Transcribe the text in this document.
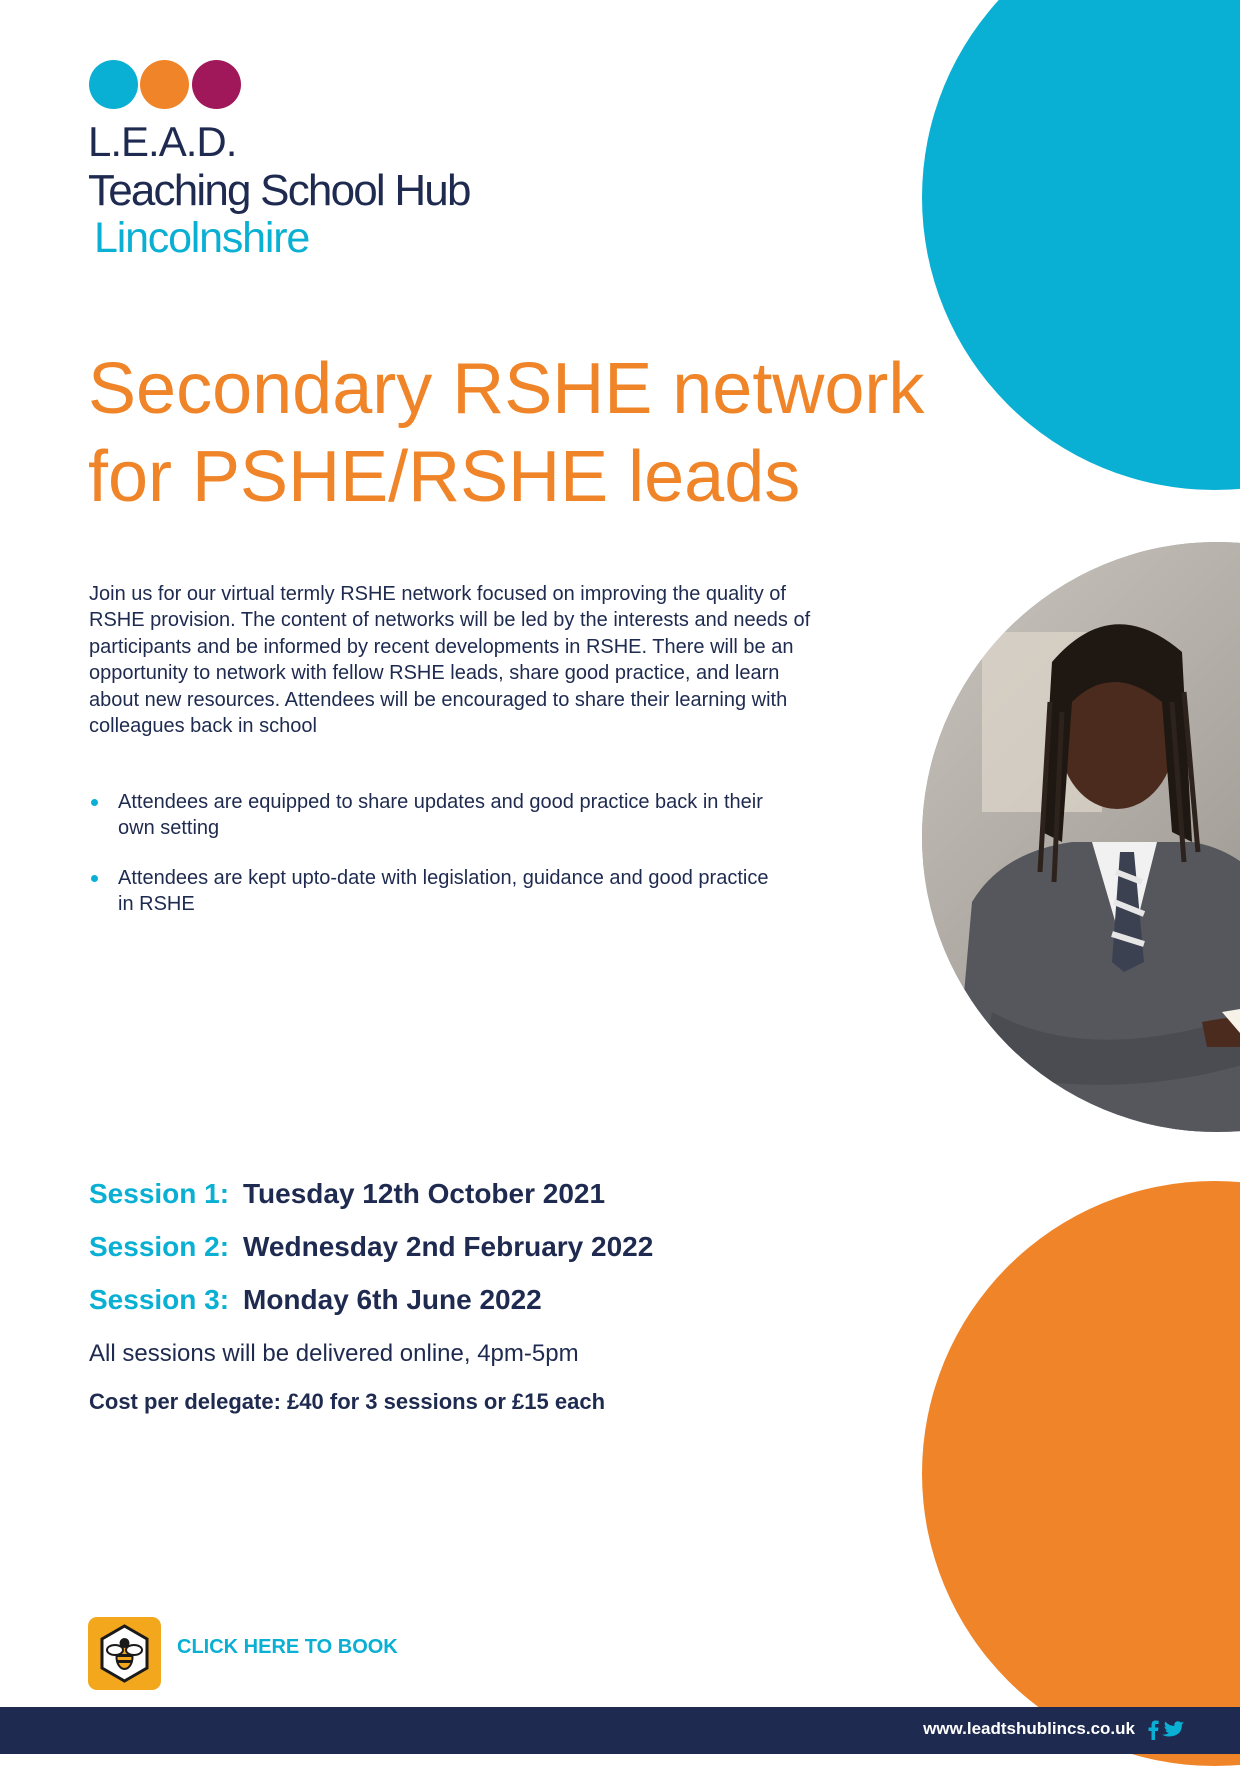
L.E.A.D.
Teaching School Hub
Lincolnshire
Secondary RSHE network
for PSHE/RSHE leads
Join us for our virtual termly RSHE network focused on improving the quality of RSHE provision. The content of networks will be led by the interests and needs of participants and be informed by recent developments in RSHE. There will be an opportunity to network with fellow RSHE leads, share good practice, and learn about new resources. Attendees will be encouraged to share their learning with colleagues back in school
Attendees are equipped to share updates and good practice back in their own setting
Attendees are kept upto-date with legislation, guidance and good practice in RSHE
Session 1: Tuesday 12th October 2021
Session 2: Wednesday 2nd February 2022
Session 3: Monday 6th June 2022
All sessions will be delivered online, 4pm-5pm
Cost per delegate: £40 for 3 sessions or £15 each
CLICK HERE TO BOOK
www.leadtshublincs.co.uk
